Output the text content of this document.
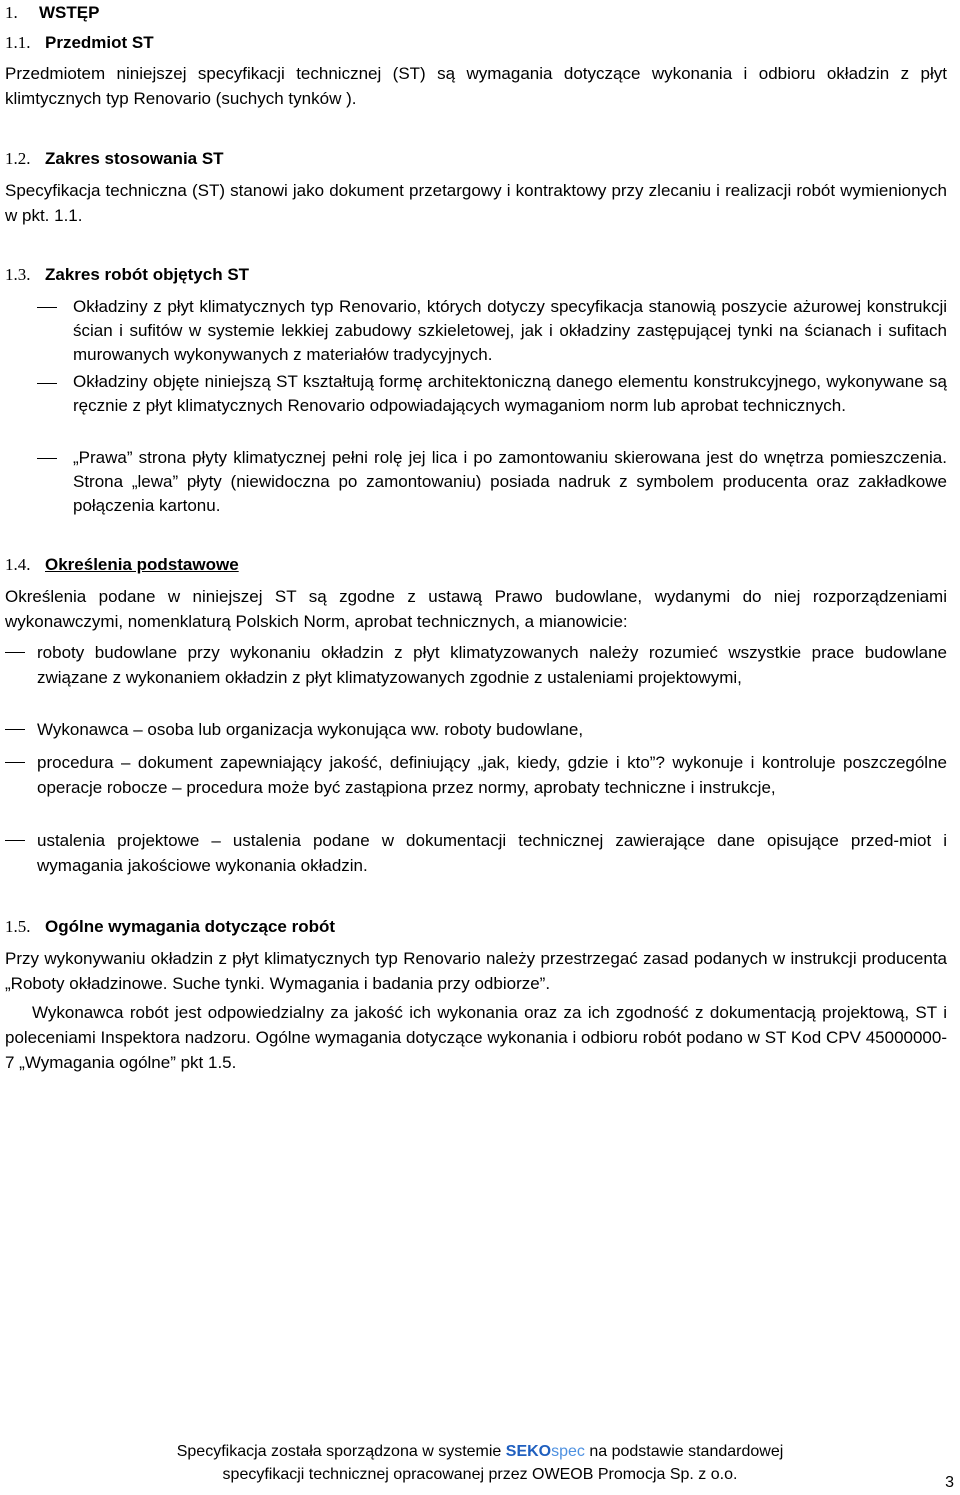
1. WSTĘP
1.1. Przedmiot ST
Przedmiotem niniejszej specyfikacji technicznej (ST) są wymagania dotyczące wykonania i odbioru okładzin z płyt klimtycznych typ Renovario (suchych tynków ).
1.2. Zakres stosowania ST
Specyfikacja techniczna (ST) stanowi jako dokument przetargowy i kontraktowy przy zlecaniu i realizacji robót wymienionych w pkt. 1.1.
1.3. Zakres robót objętych ST
Okładziny z płyt klimatycznych typ Renovario, których dotyczy specyfikacja stanowią poszycie ażurowej konstrukcji ścian i sufitów w systemie lekkiej zabudowy szkieletowej, jak i okładziny zastępującej tynki na ścianach i sufitach murowanych wykonywanych z materiałów tradycyjnych.
Okładziny objęte niniejszą ST kształtują formę architektoniczną danego elementu konstrukcyjnego, wykonywane są ręcznie z płyt klimatycznych Renovario odpowiadających wymaganiom norm lub aprobat technicznych.
„Prawa” strona płyty klimatycznej pełni rolę jej lica i po zamontowaniu skierowana jest do wnętrza pomieszczenia. Strona „lewa” płyty (niewidoczna po zamontowaniu) posiada nadruk z symbolem producenta oraz zakładkowe połączenia kartonu.
1.4. Określenia podstawowe
Określenia podane w niniejszej ST są zgodne z ustawą Prawo budowlane, wydanymi do niej rozporządzeniami wykonawczymi, nomenklaturą Polskich Norm, aprobat technicznych, a mianowicie:
roboty budowlane przy wykonaniu okładzin z płyt klimatyzowanych należy rozumieć wszystkie prace budowlane związane z wykonaniem okładzin z płyt klimatyzowanych zgodnie z ustaleniami projektowymi,
Wykonawca – osoba lub organizacja wykonująca ww. roboty budowlane,
procedura – dokument zapewniający jakość, definiujący „jak, kiedy, gdzie i kto”? wykonuje i kontroluje poszczególne operacje robocze – procedura może być zastąpiona przez normy, aprobaty techniczne i instrukcje,
ustalenia projektowe – ustalenia podane w dokumentacji technicznej zawierające dane opisujące przed-miot i wymagania jakościowe wykonania okładzin.
1.5. Ogólne wymagania dotyczące robót
Przy wykonywaniu okładzin z płyt klimatycznych typ Renovario należy przestrzegać zasad podanych w instrukcji producenta „Roboty okładzinowe. Suche tynki. Wymagania i badania przy odbiorze”.
Wykonawca robót jest odpowiedzialny za jakość ich wykonania oraz za ich zgodność z dokumentacją projektową, ST i poleceniami Inspektora nadzoru. Ogólne wymagania dotyczące wykonania i odbioru robót podano w ST Kod CPV 45000000-7 „Wymagania ogólne” pkt 1.5.
Specyfikacja została sporządzona w systemie SEKOspec na podstawie standardowej
specyfikacji technicznej opracowanej przez OWEOB Promocja Sp. z o.o.	3
